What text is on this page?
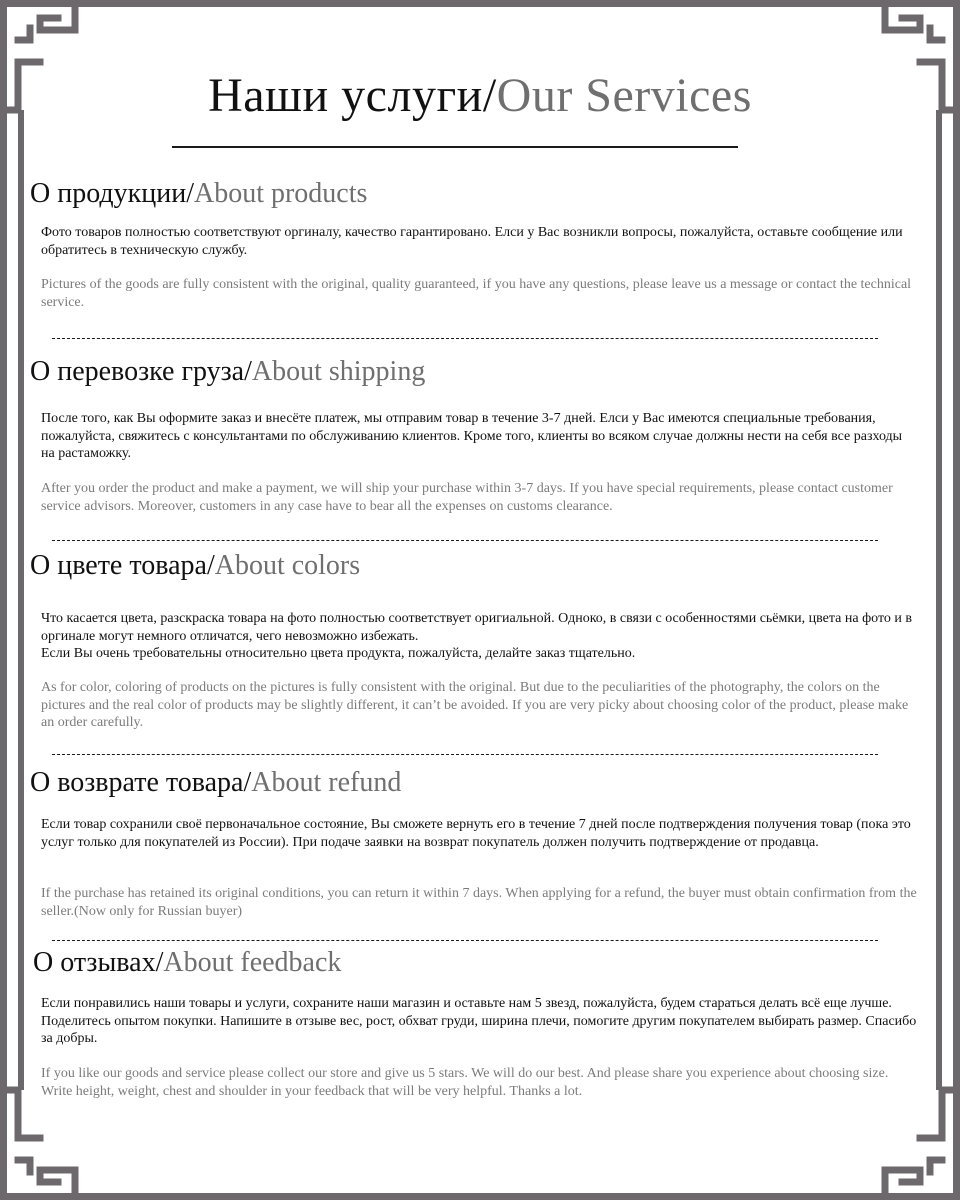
Наши услуги/Our Services
О продукции/About products
Фото товаров полностью соответствуют оргиналу, качество гарантировано. Елси у Вас возникли вопросы, пожалуйста, оставьте сообщение или обратитесь в техническую службу.
Pictures of the goods are fully consistent with the original, quality guaranteed, if you have any questions, please leave us a message or contact the technical service.
О перевозке груза/About shipping
После того, как Вы оформите заказ и внесёте платеж, мы отправим товар в течение 3-7 дней. Елси у Вас имеются специальные требования, пожалуйста, свяжитесь с консультантами по обслуживанию клиентов. Кроме того, клиенты во всяком случае должны нести на себя все разходы на растаможку.
After you order the product and make a payment, we will ship your purchase within 3-7 days. If you have special requirements, please contact customer service advisors. Moreover, customers in any case have to bear all the expenses on customs clearance.
О цвете товара/About colors
Что касается цвета, разскраска товара на фото полностью соответствует оригиальной. Одноко, в связи с особенностями сьёмки, цвета на фото и в оргинале могут немного отличатся, чего невозможно избежать.
Если Вы очень требовательны относительно цвета продукта, пожалуйста, делайте заказ тщательно.
As for color, coloring of products on the pictures is fully consistent with the original. But due to the peculiarities of the photography, the colors on the pictures and the real color of products may be slightly different, it can’t be avoided. If you are very picky about choosing color of the product, please make an order carefully.
О возврате товара/About refund
Если товар сохранили своё первоначальное состояние, Вы сможете вернуть его в течение 7 дней после подтверждения получения товар (пока это услуг только для покупателей из России). При подаче заявки на возврат покупатель должен получить подтверждение от продавца.
If the purchase has retained its original conditions, you can return it within 7 days. When applying for a refund, the buyer must obtain confirmation from the seller.(Now only for Russian buyer)
О отзывах/About feedback
Если понравились наши товары и услуги, сохраните наши магазин и оставьте нам 5 звезд, пожалуйста, будем стараться делать всё еще лучше. Поделитесь опытом покупки. Напишите в отзыве вес, рост, обхват груди, ширина плечи, помогите другим покупателем выбирать размер. Спасибо за добры.
If you like our goods and service please collect our store and give us 5 stars. We will do our best. And please share you experience about choosing size. Write height, weight, chest and shoulder in your feedback that will be very helpful. Thanks a lot.
